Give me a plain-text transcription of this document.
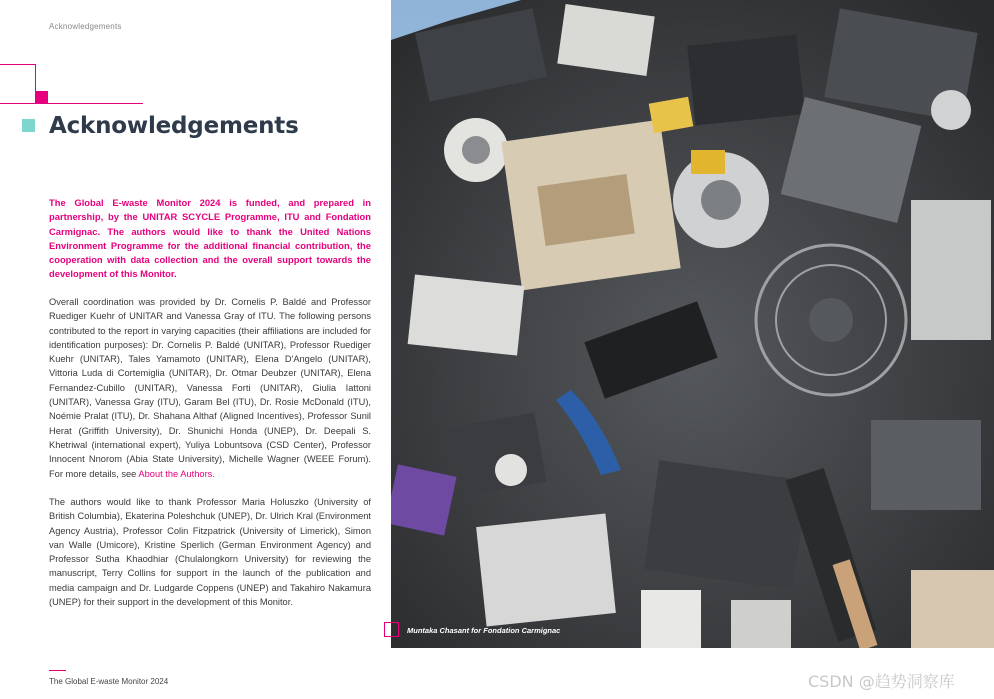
Acknowledgements
Acknowledgements

The Global E-waste Monitor 2024 is funded, and prepared in partnership, by the UNITAR SCYCLE Programme, ITU and Fondation Carmignac. The authors would like to thank the United Nations Environment Programme for the additional financial contribution, the cooperation with data collection and the overall support towards the development of this Monitor.

Overall coordination was provided by Dr. Cornelis P. Baldé and Professor Ruediger Kuehr of UNITAR and Vanessa Gray of ITU. The following persons contributed to the report in varying capacities (their affiliations are included for identification purposes): Dr. Cornelis P. Baldé (UNITAR), Professor Ruediger Kuehr (UNITAR), Tales Yamamoto (UNITAR), Elena D'Angelo (UNITAR), Vittoria Luda di Cortemiglia (UNITAR), Dr. Otmar Deubzer (UNITAR), Elena Fernandez-Cubillo (UNITAR), Vanessa Forti (UNITAR), Giulia Iattoni (UNITAR), Vanessa Gray (ITU), Garam Bel (ITU), Dr. Rosie McDonald (ITU), Noémie Pralat (ITU), Dr. Shahana Althaf (Aligned Incentives), Professor Sunil Herat (Griffith University), Dr. Shunichi Honda (UNEP), Dr. Deepali S. Khetriwal (international expert), Yuliya Lobuntsova (CSD Center), Professor Innocent Nnorom (Abia State University), Michelle Wagner (WEEE Forum). For more details, see About the Authors.

The authors would like to thank Professor Maria Holuszko (University of British Columbia), Ekaterina Poleshchuk (UNEP), Dr. Ulrich Kral (Environment Agency Austria), Professor Colin Fitzpatrick (University of Limerick), Simon van Walle (Umicore), Kristine Sperlich (German Environment Agency) and Professor Sutha Khaodhiar (Chulalongkorn University) for reviewing the manuscript, Terry Collins for support in the launch of the publication and media campaign and Dr. Ludgarde Coppens (UNEP) and Takahiro Nakamura (UNEP) for their support in the development of this Monitor.

Muntaka Chasant for Fondation Carmignac
The Global E-waste Monitor 2024	CSDN @趋势洞察库
